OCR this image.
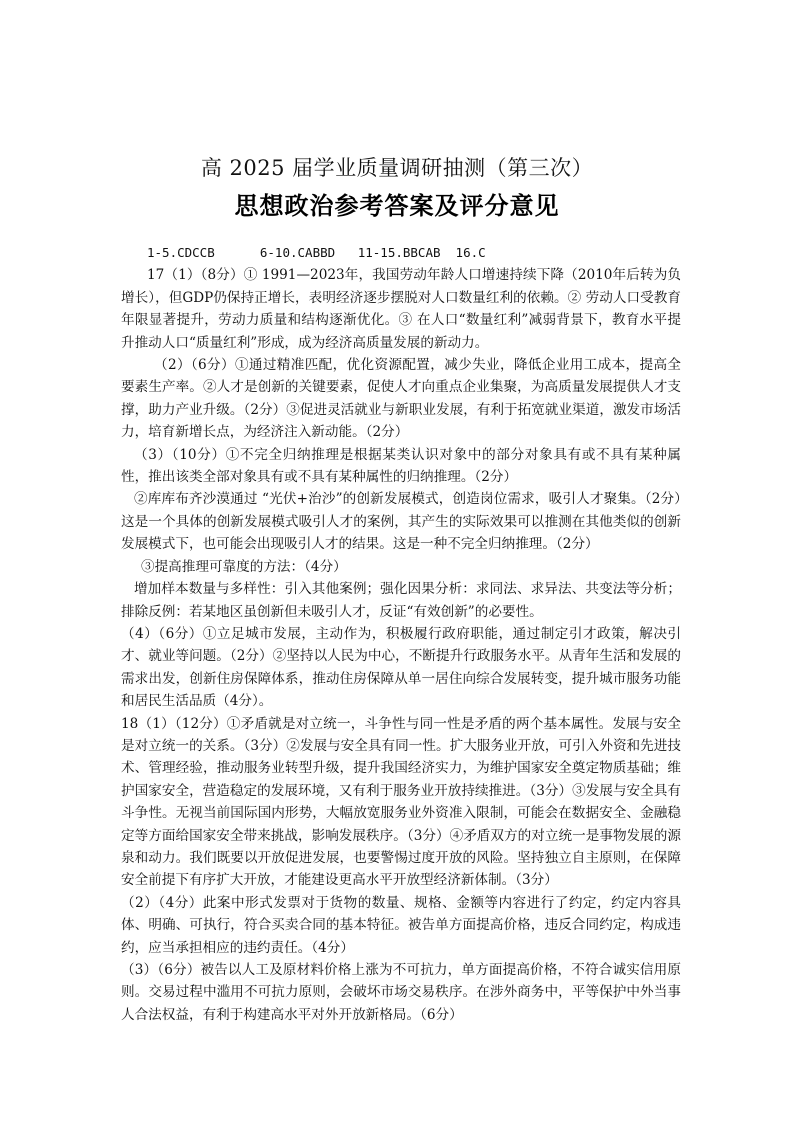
高 2025 届学业质量调研抽测（第三次）
思想政治参考答案及评分意见

1-5.CDCCB      6-10.CABBD   11-15.BBCAB  16.C

17（1）（8分）① 1991—2023年，我国劳动年龄人口增速持续下降（2010年后转为负增长），但GDP仍保持正增长，表明经济逐步摆脱对人口数量红利的依赖。② 劳动人口受教育年限显著提升，劳动力质量和结构逐渐优化。③ 在人口“数量红利”减弱背景下，教育水平提升推动人口“质量红利”形成，成为经济高质量发展的新动力。

（2）（6分）①通过精准匹配，优化资源配置，减少失业，降低企业用工成本，提高全要素生产率。②人才是创新的关键要素，促使人才向重点企业集聚，为高质量发展提供人才支撑，助力产业升级。（2分）③促进灵活就业与新职业发展，有利于拓宽就业渠道，激发市场活力，培育新增长点，为经济注入新动能。（2分）

（3）（10分）①不完全归纳推理是根据某类认识对象中的部分对象具有或不具有某种属性，推出该类全部对象具有或不具有某种属性的归纳推理。（2分）

②库库布齐沙漠通过 “光伏+治沙”的创新发展模式，创造岗位需求，吸引人才聚集。（2分）这是一个具体的创新发展模式吸引人才的案例，其产生的实际效果可以推测在其他类似的创新发展模式下，也可能会出现吸引人才的结果。这是一种不完全归纳推理。（2分）

③提高推理可靠度的方法：（4分）

增加样本数量与多样性：引入其他案例；强化因果分析：求同法、求异法、共变法等分析；排除反例：若某地区虽创新但未吸引人才，反证“有效创新”的必要性。

（4）（6分）①立足城市发展，主动作为，积极履行政府职能，通过制定引才政策，解决引才、就业等问题。（2分）②坚持以人民为中心，不断提升行政服务水平。从青年生活和发展的需求出发，创新住房保障体系，推动住房保障从单一居住向综合发展转变，提升城市服务功能和居民生活品质（4分）。

18（1）（12分）①矛盾就是对立统一，斗争性与同一性是矛盾的两个基本属性。发展与安全是对立统一的关系。（3分）②发展与安全具有同一性。扩大服务业开放，可引入外资和先进技术、管理经验，推动服务业转型升级，提升我国经济实力，为维护国家安全奠定物质基础；维护国家安全，营造稳定的发展环境，又有利于服务业开放持续推进。（3分）③发展与安全具有斗争性。无视当前国际国内形势，大幅放宽服务业外资准入限制，可能会在数据安全、金融稳定等方面给国家安全带来挑战，影响发展秩序。（3分）④矛盾双方的对立统一是事物发展的源泉和动力。我们既要以开放促进发展，也要警惕过度开放的风险。坚持独立自主原则，在保障安全前提下有序扩大开放，才能建设更高水平开放型经济新体制。（3分）

（2）（4分）此案中形式发票对于货物的数量、规格、金额等内容进行了约定，约定内容具体、明确、可执行，符合买卖合同的基本特征。被告单方面提高价格，违反合同约定，构成违约，应当承担相应的违约责任。（4分）

（3）（6分）被告以人工及原材料价格上涨为不可抗力，单方面提高价格，不符合诚实信用原则。交易过程中滥用不可抗力原则，会破坏市场交易秩序。在涉外商务中，平等保护中外当事人合法权益，有利于构建高水平对外开放新格局。（6分）
